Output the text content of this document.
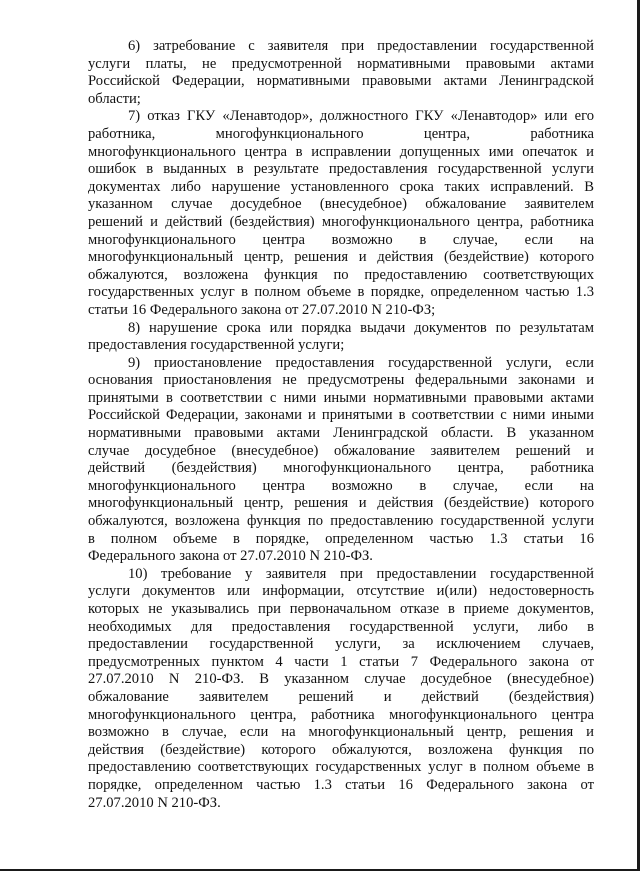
6) затребование с заявителя при предоставлении государственной
услуги платы, не предусмотренной нормативными правовыми актами
Российской Федерации, нормативными правовыми актами Ленинградской
области;
7) отказ ГКУ «Ленавтодор», должностного ГКУ «Ленавтодор» или его
работника, многофункционального центра, работника
многофункционального центра в исправлении допущенных ими опечаток и
ошибок в выданных в результате предоставления государственной услуги
документах либо нарушение установленного срока таких исправлений. В
указанном случае досудебное (внесудебное) обжалование заявителем
решений и действий (бездействия) многофункционального центра, работника
многофункционального центра возможно в случае, если на
многофункциональный центр, решения и действия (бездействие) которого
обжалуются, возложена функция по предоставлению соответствующих
государственных услуг в полном объеме в порядке, определенном частью 1.3
статьи 16 Федерального закона от 27.07.2010 N 210-ФЗ;
8) нарушение срока или порядка выдачи документов по результатам
предоставления государственной услуги;
9) приостановление предоставления государственной услуги, если
основания приостановления не предусмотрены федеральными законами и
принятыми в соответствии с ними иными нормативными правовыми актами
Российской Федерации, законами и принятыми в соответствии с ними иными
нормативными правовыми актами Ленинградской области. В указанном
случае досудебное (внесудебное) обжалование заявителем решений и
действий (бездействия) многофункционального центра, работника
многофункционального центра возможно в случае, если на
многофункциональный центр, решения и действия (бездействие) которого
обжалуются, возложена функция по предоставлению государственной услуги
в полном объеме в порядке, определенном частью 1.3 статьи 16
Федерального закона от 27.07.2010 N 210-ФЗ.
10) требование у заявителя при предоставлении государственной
услуги документов или информации, отсутствие и(или) недостоверность
которых не указывались при первоначальном отказе в приеме документов,
необходимых для предоставления государственной услуги, либо в
предоставлении государственной услуги, за исключением случаев,
предусмотренных пунктом 4 части 1 статьи 7 Федерального закона от
27.07.2010 N 210-ФЗ. В указанном случае досудебное (внесудебное)
обжалование заявителем решений и действий (бездействия)
многофункционального центра, работника многофункционального центра
возможно в случае, если на многофункциональный центр, решения и
действия (бездействие) которого обжалуются, возложена функция по
предоставлению соответствующих государственных услуг в полном объеме в
порядке, определенном частью 1.3 статьи 16 Федерального закона от
27.07.2010 N 210-ФЗ.
